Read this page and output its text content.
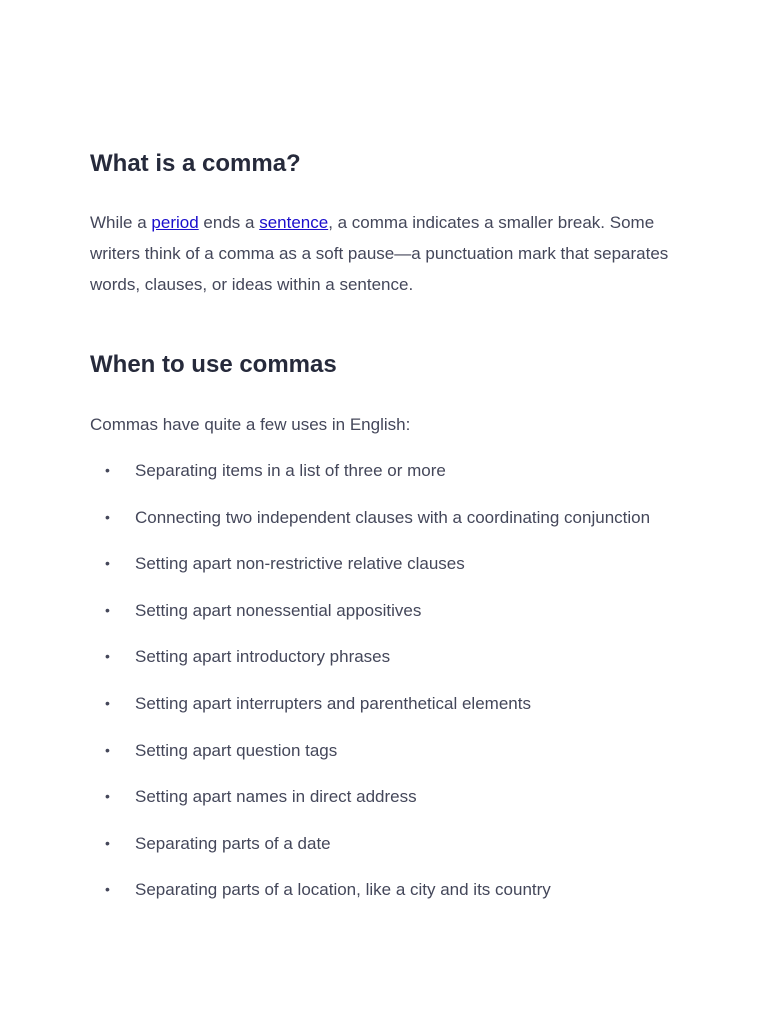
What is a comma?

While a period ends a sentence, a comma indicates a smaller break. Some writers think of a comma as a soft pause—a punctuation mark that separates words, clauses, or ideas within a sentence.

When to use commas

Commas have quite a few uses in English:

• Separating items in a list of three or more
• Connecting two independent clauses with a coordinating conjunction
• Setting apart non-restrictive relative clauses
• Setting apart nonessential appositives
• Setting apart introductory phrases
• Setting apart interrupters and parenthetical elements
• Setting apart question tags
• Setting apart names in direct address
• Separating parts of a date
• Separating parts of a location, like a city and its country
